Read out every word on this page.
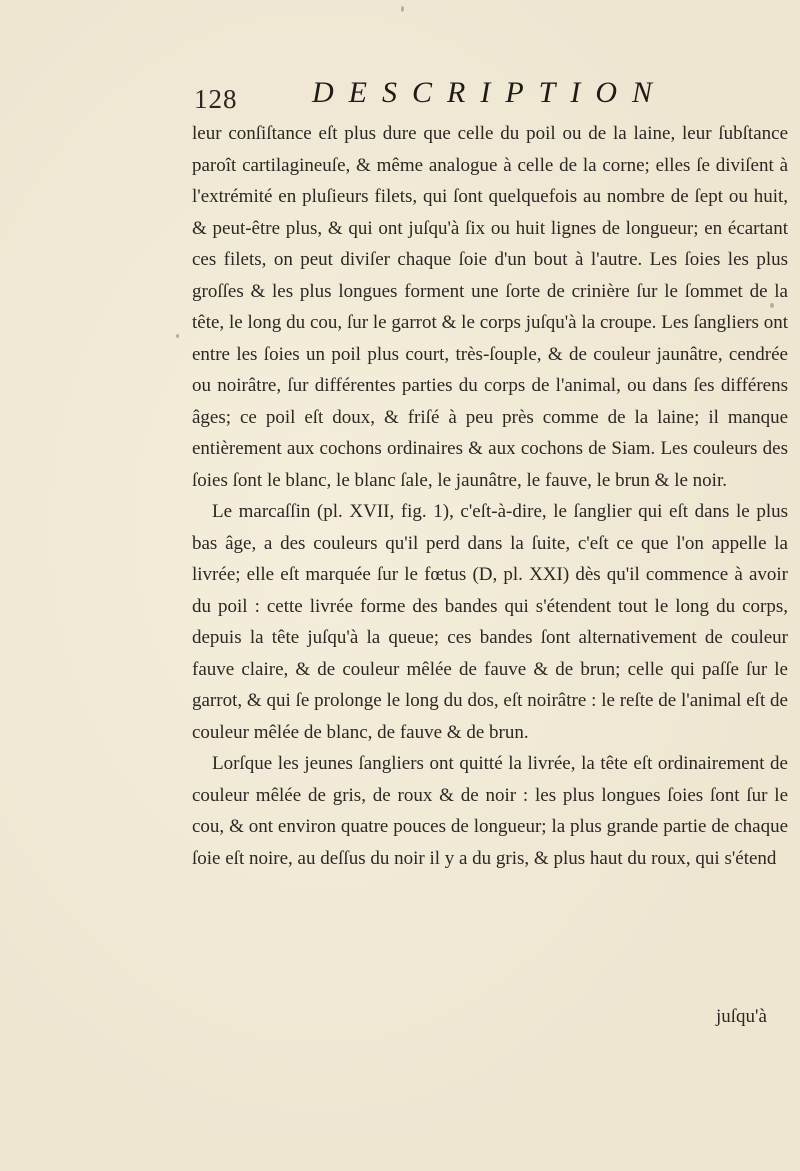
128 DESCRIPTION

leur conſiſtance eſt plus dure que celle du poil ou de la laine, leur ſubſtance paroît cartilagineuſe, & même analogue à celle de la corne; elles ſe diviſent à l'extrémité en pluſieurs filets, qui ſont quelquefois au nombre de ſept ou huit, & peut-être plus, & qui ont juſqu'à ſix ou huit lignes de longueur; en écartant ces filets, on peut diviſer chaque ſoie d'un bout à l'autre. Les ſoies les plus groſſes & les plus longues forment une ſorte de crinière ſur le ſommet de la tête, le long du cou, ſur le garrot & le corps juſqu'à la croupe. Les ſangliers ont entre les ſoies un poil plus court, très-ſouple, & de couleur jaunâtre, cendrée ou noirâtre, ſur différentes parties du corps de l'animal, ou dans ſes différens âges; ce poil eſt doux, & friſé à peu près comme de la laine; il manque entièrement aux cochons ordinaires & aux cochons de Siam. Les couleurs des ſoies ſont le blanc, le blanc ſale, le jaunâtre, le fauve, le brun & le noir.

Le marcaſſin (pl. XVII, fig. 1), c'eſt-à-dire, le ſanglier qui eſt dans le plus bas âge, a des couleurs qu'il perd dans la ſuite, c'eſt ce que l'on appelle la livrée; elle eſt marquée ſur le fœtus (D, pl. XXI) dès qu'il commence à avoir du poil : cette livrée forme des bandes qui s'étendent tout le long du corps, depuis la tête juſqu'à la queue; ces bandes ſont alternativement de couleur fauve claire, & de couleur mêlée de fauve & de brun; celle qui paſſe ſur le garrot, & qui ſe prolonge le long du dos, eſt noirâtre : le reſte de l'animal eſt de couleur mêlée de blanc, de fauve & de brun.

Lorſque les jeunes ſangliers ont quitté la livrée, la tête eſt ordinairement de couleur mêlée de gris, de roux & de noir : les plus longues ſoies ſont ſur le cou, & ont environ quatre pouces de longueur; la plus grande partie de chaque ſoie eſt noire, au deſſus du noir il y a du gris, & plus haut du roux, qui s'étend

juſqu'à
